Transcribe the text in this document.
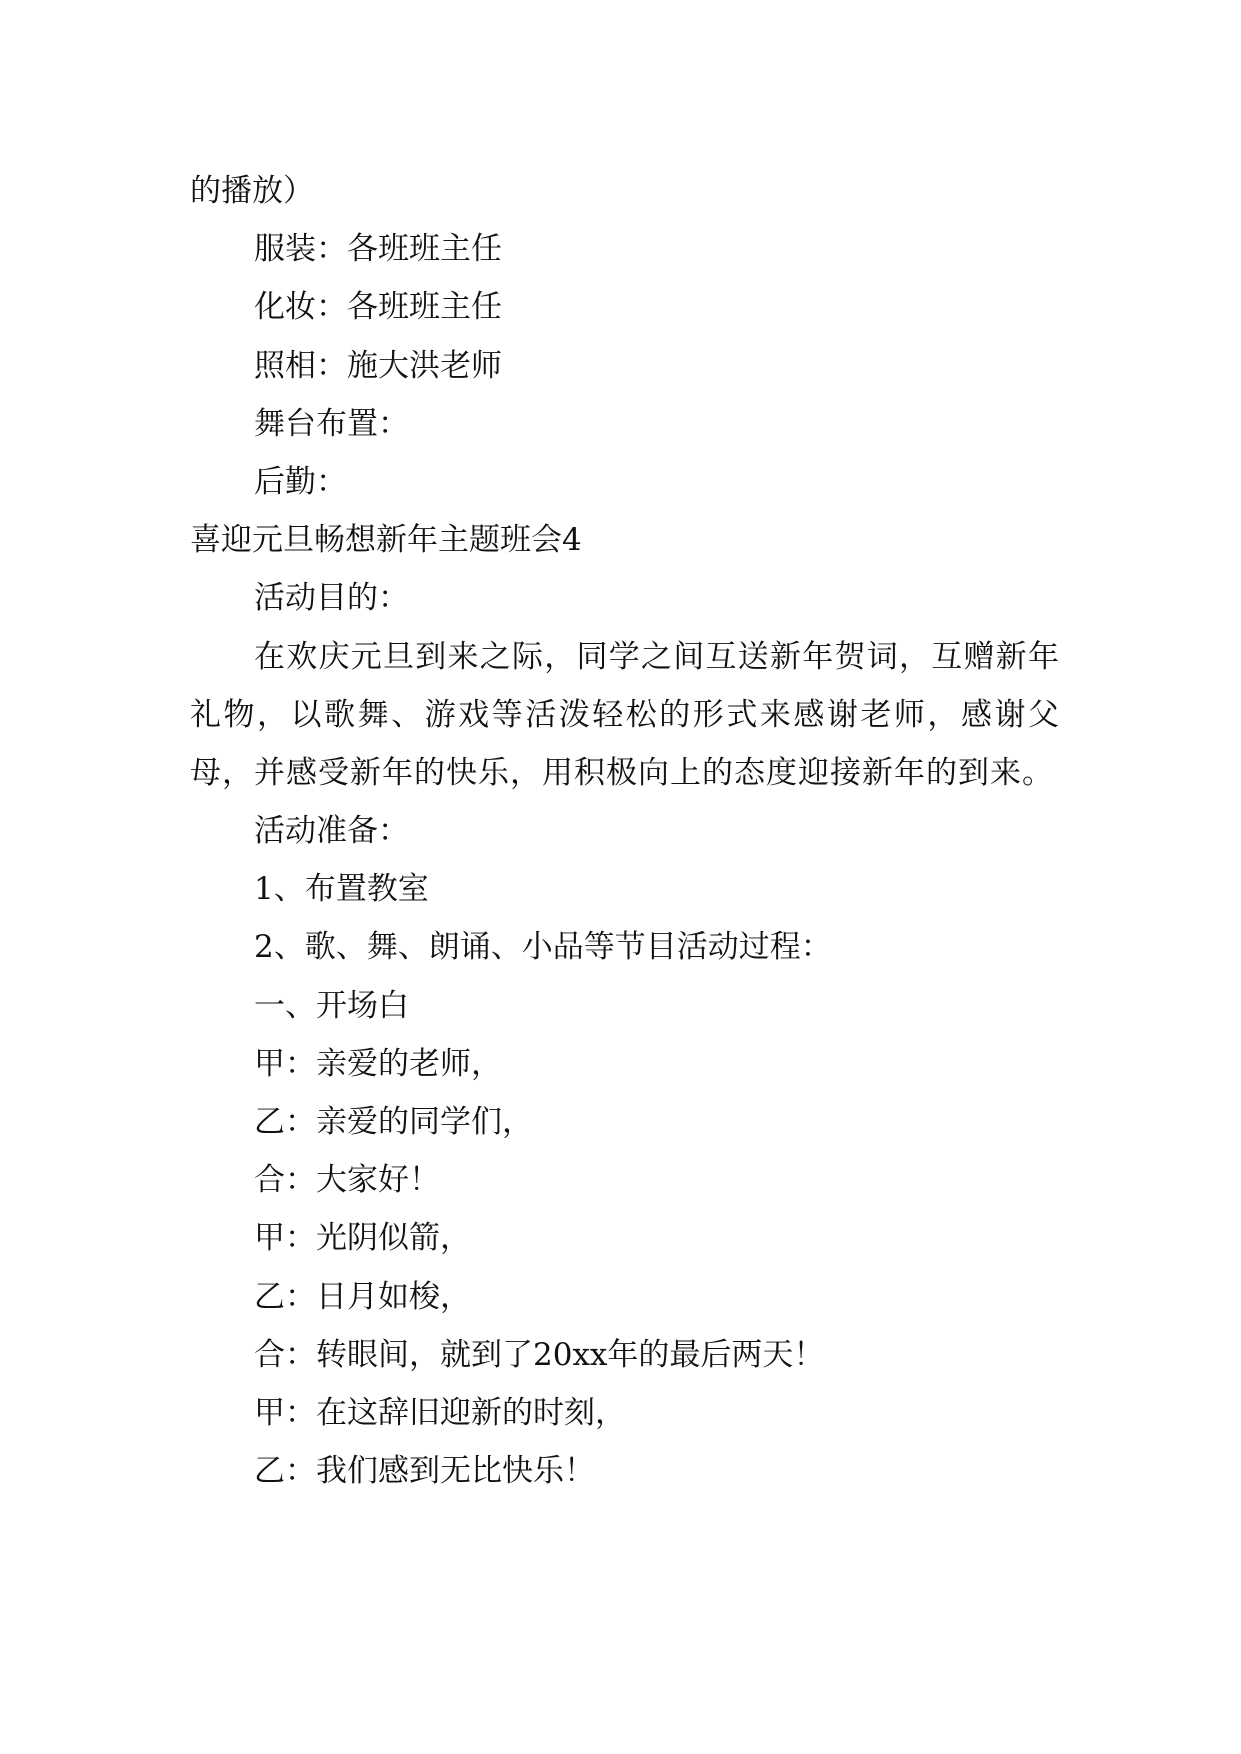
的播放）
服装：各班班主任
化妆：各班班主任
照相：施大洪老师
舞台布置：
后勤：
喜迎元旦畅想新年主题班会4
活动目的：

在欢庆元旦到来之际，同学之间互送新年贺词，互赠新年礼物，以歌舞、游戏等活泼轻松的形式来感谢老师，感谢父母，并感受新年的快乐，用积极向上的态度迎接新年的到来。

活动准备：
1、布置教室
2、歌、舞、朗诵、小品等节目活动过程：
一、开场白
甲：亲爱的老师，
乙：亲爱的同学们，
合：大家好！
甲：光阴似箭，
乙：日月如梭，
合：转眼间，就到了20xx年的最后两天！
甲：在这辞旧迎新的时刻，
乙：我们感到无比快乐！
